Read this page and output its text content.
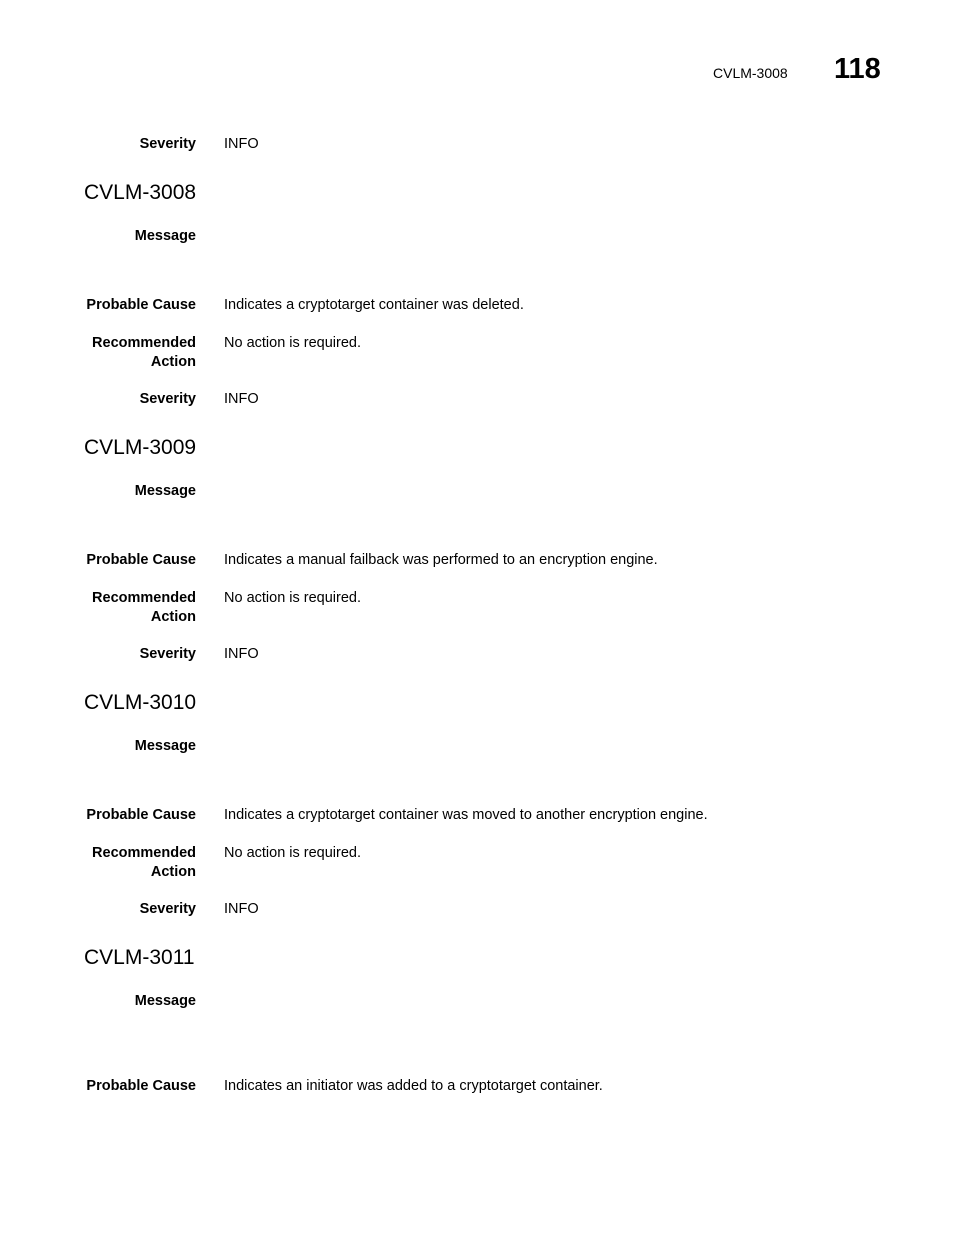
CVLM-3008 118
Severity INFO
CVLM-3008
Message
Probable Cause Indicates a cryptotarget container was deleted.
Recommended
Action
No action is required.
Severity INFO
CVLM-3009
Message
Probable Cause Indicates a manual failback was performed to an encryption engine.
Recommended
Action
No action is required.
Severity INFO
CVLM-3010
Message
Probable Cause Indicates a cryptotarget container was moved to another encryption engine.
Recommended
Action
No action is required.
Severity INFO
CVLM-3011
Message
Probable Cause Indicates an initiator was added to a cryptotarget container.
